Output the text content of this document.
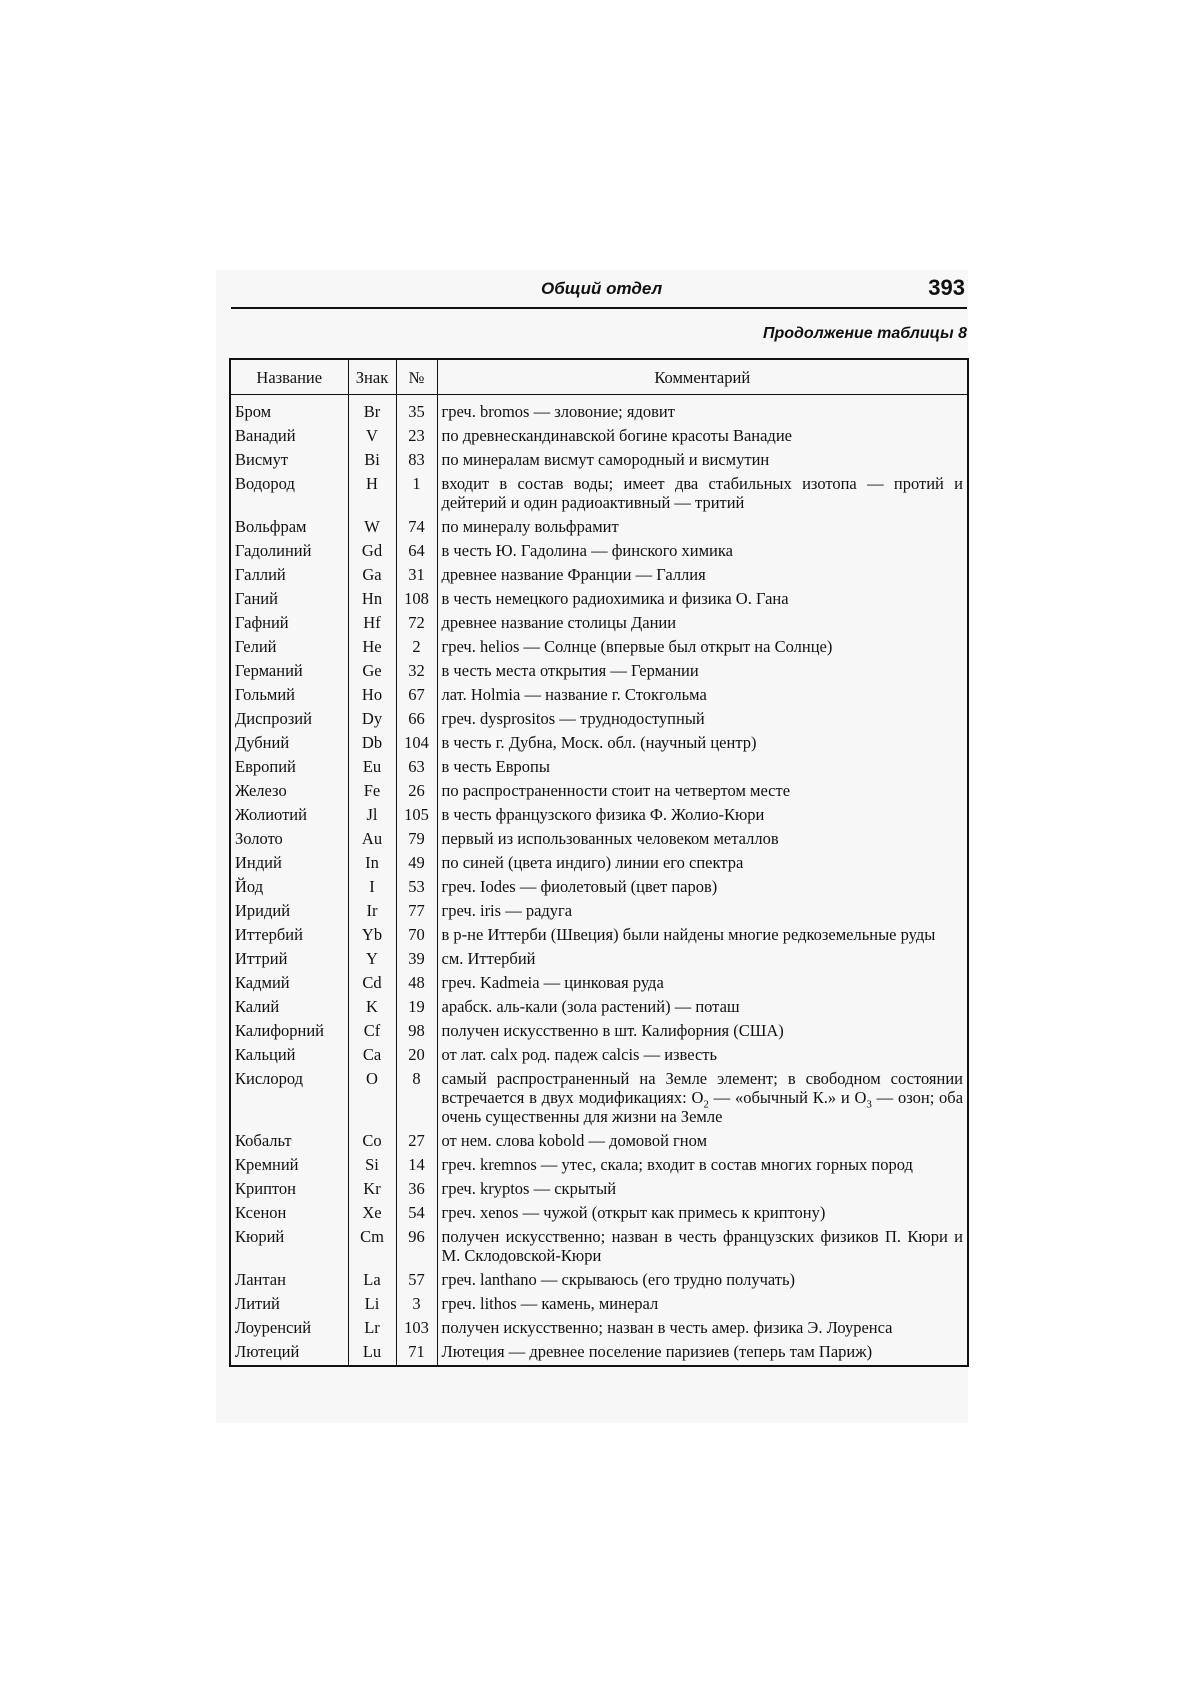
Общий отдел	393
Продолжение таблицы 8
Название	Знак	№	Комментарий
Бром	Br	35	греч. bromos — зловоние; ядовит
Ванадий	V	23	по древнескандинавской богине красоты Ванадие
Висмут	Bi	83	по минералам висмут самородный и висмутин
Водород	H	1	входит в состав воды; имеет два стабильных изотопа — протий и дейтерий и один радиоактивный — тритий
Вольфрам	W	74	по минералу вольфрамит
Гадолиний	Gd	64	в честь Ю. Гадолина — финского химика
Галлий	Ga	31	древнее название Франции — Галлия
Ганий	Hn	108	в честь немецкого радиохимика и физика О. Гана
Гафний	Hf	72	древнее название столицы Дании
Гелий	He	2	греч. helios — Солнце (впервые был открыт на Солнце)
Германий	Ge	32	в честь места открытия — Германии
Гольмий	Ho	67	лат. Holmia — название г. Стокгольма
Диспрозий	Dy	66	греч. dysprositos — труднодоступный
Дубний	Db	104	в честь г. Дубна, Моск. обл. (научный центр)
Европий	Eu	63	в честь Европы
Железо	Fe	26	по распространенности стоит на четвертом месте
Жолиотий	Jl	105	в честь французского физика Ф. Жолио-Кюри
Золото	Au	79	первый из использованных человеком металлов
Индий	In	49	по синей (цвета индиго) линии его спектра
Йод	I	53	греч. Iodes — фиолетовый (цвет паров)
Иридий	Ir	77	греч. iris — радуга
Иттербий	Yb	70	в р-не Иттерби (Швеция) были найдены многие редкоземельные руды
Иттрий	Y	39	см. Иттербий
Кадмий	Cd	48	греч. Kadmeia — цинковая руда
Калий	K	19	арабск. аль-кали (зола растений) — поташ
Калифорний	Cf	98	получен искусственно в шт. Калифорния (США)
Кальций	Ca	20	от лат. calx род. падеж calcis — известь
Кислород	O	8	самый распространенный на Земле элемент; в свободном состоянии встречается в двух модификациях: $O_2$ — «обычный К.» и $O_3$ — озон; оба очень существенны для жизни на Земле
Кобальт	Co	27	от нем. слова kobold — домовой гном
Кремний	Si	14	греч. kremnos — утес, скала; входит в состав многих горных пород
Криптон	Kr	36	греч. kryptos — скрытый
Ксенон	Xe	54	греч. xenos — чужой (открыт как примесь к криптону)
Кюрий	Cm	96	получен искусственно; назван в честь французских физиков П. Кюри и М. Склодовской-Кюри
Лантан	La	57	греч. lanthano — скрываюсь (его трудно получать)
Литий	Li	3	греч. lithos — камень, минерал
Лоуренсий	Lr	103	получен искусственно; назван в честь амер. физика Э. Лоуренса
Лютеций	Lu	71	Лютеция — древнее поселение паризиев (теперь там Париж)
